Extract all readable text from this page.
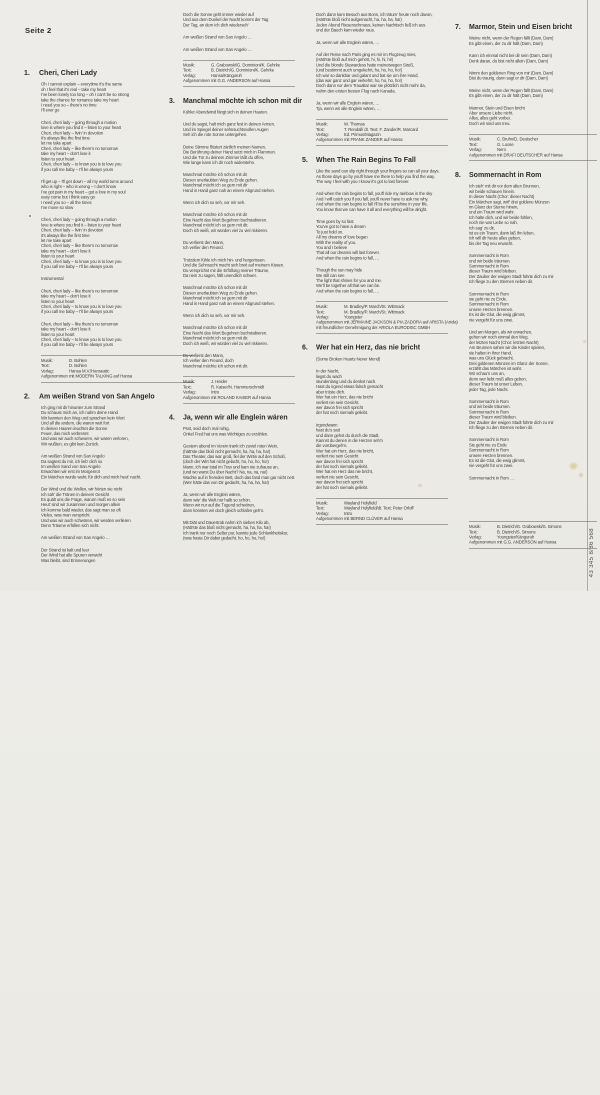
Seite 2
1. Cheri, Cheri Lady
Oh I cannot explain – everytime it's the same
oh I feel that it's real – take my heart
I've been lonely too long – oh I can't be so strong
take the chance for romance take my heart
I need you so – there's no time
I'll ever go
Cheri, cheri lady – going through a motion
love is where you find it – listen to your heart
Cheri, cheri lady – livin' in devotion
It's always like the first time
let me take apart
Cheri, cheri lady – like there's no tomorrow
take my heart – don't lose it
listen to your heart
Cheri, cheri lady – to know you is to love you
if you call me baby – I'll be always yours
I'll get up – I'll get down – all my world turns around
who is right – who is wrong – I don't know
I've got pain in my heart – got a love in my soul
easy come but I think easy go
I need you so – all the times
I've move so slow
Cheri, cheri lady – going through a motion
love is where you find it – listen to your heart
Cheri, cheri lady – livin' in devotion
it's always like the first time
let me take apart
Cheri, cheri lady – like there's no tomorrow
take my heart – don't lose it
listen to your heart
Cheri, cheri lady – to know you is to love you
if you call me baby – I'll be always yours
Instrumental
Cheri, cheri lady – like there's no tomorrow
take my heart – don't lose it
listen to your heart
Cheri, cheri lady – to know you is to love you
if you call me baby – I'll be always yours
Cheri, cheri lady – like there's no tomorrow
take my heart – don't lose it
listen to your heart
Cheri, cheri lady – to know you is to love you
if you call me baby – I'll be always yours
Musik:	D. Bohlen
Text:	D. Bohlen
Verlag:	Hansa M.V./Hanseatic
Aufgenommen mit MODERN TALKING auf Hansa
2. Am weißen Strand von San Angelo
Ich ging mit dir hinunter zum Strand
Du schaust mich an, ich nahm deine Hand
Wir kannten den Weg und sprachen kein Wort
Und all die andern, die waren weit fort
In deinen Haaren leuchtet die Sonne
Feuer, das mich verbrennt
Und was wir auch schworen, wir waren verloren,
Wir wußten, es gibt kein Zurück.
Am weißen Strand von San Angelo
Da sagtest du mir, ich lieb' dich so
Im weißen Sand von San Angelo
Erwachten wir erst im Morgenrot
Ein Märchen wurde wahr, für dich und mich heut' nacht.
Der Wind und die Wellen, wir hörten sie nicht
Ich sah' die Tränen in deinem Gesicht
Es quält uns die Frage, warum muß es so sein
Heut' sind wir zusammen und morgen allein
Ich komme bald wieder, das sagt man so oft
Vieles, was man verspricht
Und was wir auch schwören, wir werden verlieren
Denn Träume erfüllen sich nicht.
Am weißen Strand von San Angelo …
Der Strand ist kalt und leer
Der Wind hat alle Spuren verweht
Was bleibt, sind Erinnerungen
Doch die Sonne geht immer wieder auf
Und aus dem Dunkel der Nacht kommt der Tag
Der Tag, an dem ich dich wiederseh'
Am weißen Strand von San Angelo …
Am weißen Strand von San Angelo …
Musik:	G. Grabowski/G. Dominioni/K. Gehrke
Text:	B. Dietrich/G. Dominioni/K. Gehrke
Verlag:	Hansa/Känguruh
Aufgenommen mit G.G. ANDERSON auf Hansa
3. Manchmal möchte ich schon mit dir
Kühler Abendwind fängt sich in deinen Haaren.
Und du sagst, halt mich ganz fest in deinen Armen.
Und im Spiegel deiner sehnsuchtsvollen Augen
Seh ich die rote Sonne untergehen.
Deine Stimme flüstert zärtlich meinen Namen,
Die Berührung deiner Hand setzt mich in Flammen.
Und die Tür zu deinem Zimmer läßt du offen,
Wie lange kann ich dir noch widerstehn.
Manchmal möchte ich schon mit dir
Diesen unerlaubten Weg zu Ende gehen.
Manchmal möcht ich so gern mit dir
Hand in Hand ganz nah an einem Abgrund stehen.
Wenn ich dich so seh, vor mir seh.
Manchmal möchte ich schon mit dir
Eine Nacht das Wort Begehren buchstabieren.
Manchmal möcht ich so gern mit dir.
Doch ich weiß, wir würden viel zu viel riskieren.
Du verlierst den Mann,
Ich verlier den Freund.
Trotzdem fühle ich mich hin- und hergerissen.
Und die Sehnsucht macht sich breit auf meinem Kissen.
Du versprichst mir die Erfüllung meiner Träume,
Da nein zu sagen, fällt unendlich schwer.
Manchmal möchte ich schon mit dir
Diesen unerlaubten Weg zu Ende gehen.
Manchmal möcht ich so gern mit dir
Hand in Hand ganz nah an einem Abgrund stehen.
Wenn ich dich so seh, vor mir seh.
Manchmal möchte ich schon mit dir
Eine Nacht das Wort Begehren buchstabieren.
Manchmal möcht ich so gern mit dir.
Doch ich weiß, wir würden viel zu viel riskieren.
Du verlierst den Mann,
Ich verlier den Freund, doch
Manchmal möchte ich schon mit dir.
Musik:	J. Heider
Text:	R. Kaiser/N. Hammerschmidt
Verlag:	Intro
Aufgenommen mit ROLAND KAISER auf Hansa
4. Ja, wenn wir alle Englein wären
Psst, seid doch mal ruhig.
Onkel Fred hat uns was Wichtiges zu erzählen.
Gestern abend im Verein trank ich zuviel roten Wein,
(hätt'ste das bloß nicht gemacht, ha, ha, ha, ha!)
Das Theater, das war groß, fiel der Wirtin auf den Schoß,
(doch der Wirt hat nicht gelacht, ho, ho, ho, ho!)
Mann, ich war total im Tran und kam nie zuhause an,
(und wo warst Du über Nacht? Na, na, na, na!)
Wachte auf in fremden Bett, doch das fand man gar nicht nett.
(Wer hätte das von Dir gedacht, ha, ha, ha, ha!)
Ja, wenn wir alle Englein wären,
dann wär' die Welt nur halb so schön.
Wenn wir nur auf die Tugend schwören,
dann könnten wir doch gleich schlafen geh'n.
Mit Diät und Dauertrab nahm ich sieben Kilo ab,
(Hätt'ste das bloß nicht gemacht, ha, ha, ha, ha!)
Ich trank nur noch Selter pur, kannte jede Schlankheitskur,
(was haste Dir dabei gedacht, ho, ho, ho, ho!)
Doch dann kam Besuch aus Bonn, ich träum' heute noch davon,
(Hätt'ste bloß nicht aufgemacht, ha, ha, ha, ha!)
Jeden Abend Riesenschmaus, keinen Nachtisch ließ ich aus
und der Bauch kam wieder raus.
Ja, wenn wir alle Englein wären, …
Auf der Reise nach Paris ging es mir im Flugzeug mies,
(Hätt'ste bloß auf mich gehört, hi, hi, hi, hi!)
Und die blonde Stewardess hatte meinetwegen Streß,
(und bestimmt auch umgekehrt, ho, ho, ho, ho!)
Ich war so dankbar und galant und bat sie um ihre Hand,
(das war ganz und gar verkehrt, ho, ho, ho, ho!)
Doch dann vor dem Traualtar war sie plötzlich nicht mehr da,
nahm den ersten besten Flug nach Kanada.
Ja, wenn wir alle Englein wären, …
Tja, wenn wir alle Englein wären, …
Musik:	W. Thomas
Text:	T. Rendall/ dt. Text: F. Zander/R. Marcard
Verlag:	Ed. Primus/Magazin
Aufgenommen mit FRANK ZANDER auf Hansa
5. When The Rain Begins To Fall
Like the sand can slip right through your fingers so can all your days.
As those days go by you'll have me there to help you find the way.
The way I feel with you I know it's got to last forever.
And when the rain begins to fall, you'll ride my rainbow in the sky
And I will catch you if you fall, you'll never have to ask me why.
And when the rain begins to fall I'll be the sunshine in your life.
You know that we can have it all and everything will be alright.
Time goes by so fast
You've got to have a dream
To just hold on.
All my dreams of love began
With the reality of you.
You and I believe
That all our dreams will last forever.
And when the rain begins to fall, …
Though the sun may hide
We still can see
The light that shines for you and me.
We'll be together all that we can be.
And when the rain begins to fall, …
Musik:	M. Bradley/P. March/St. Wittmack
Text:	M. Bradley/P. March/St. Wittmack
Verlag:	Youngster
Aufgenommen mit JERMAINE JACKSON & PIA ZADORA auf ARISTA (Ariola)
mit freundlicher Genehmigung der ARIOLA EURODISC GMBH
6. Wer hat ein Herz, das nie bricht
(Some Broken Hearts Never Mend)
In der Nacht,
liegst du wach
stundenlang und du denkst nach.
Hast du irgend etwas falsch gemacht
aber tröste dich.
Wer hat ein Herz, das nie bricht
verliert nie sein Gesicht.
wer davon frei sich spricht
der hat noch niemals geliebt.
Irgendwann
hast du's satt
und dann gehst du durch die Stadt.
Kannst du denen in die Herzen seh'n
die vorübergeh'n.
Wer hat ein Herz, das nie bricht,
verliert nie sein Gesicht
wer davon frei sich spricht
der hat noch niemals geliebt.
Wer hat ein Herz das nie bricht,
verliert nie sein Gesicht,
wer davon frei sich spricht
der hat noch niemals geliebt.
Musik:	Wayland Holyfield
Text:	Wayland Holyfield/dt. Text: Peter Orloff
Verlag:	Intro
Aufgenommen mit BERND CLÜVER auf Hansa
7. Marmor, Stein und Eisen bricht
Weine nicht, wenn der Regen fällt (Dam, Dam)
Es gibt einen, der zu dir hält (Dam, Dam)
Kann ich einmal nicht bei dir sein (Dam, Dam)
Denk daran, du bist nicht allein (Dam, Dam)
Nimm den goldenen Ring von mir (Dam, Dam)
Bist du traurig, dann sagt er dir (Dam, Dam)
Weine nicht, wenn der Regen fällt (Dam, Dam)
Es gibt einen, der zu dir hält (Dam, Dam)
Marmor, Stein und Eisen bricht
Aber unsere Liebe nicht.
Alles, alles geht vorbei.
Doch wir sind uns treu.
Musik:	C. Bruhn/D. Deutscher
Text:	G. Loose
Verlag:	Nero
Aufgenommen mit DRAFI DEUTSCHER auf Hansa
8. Sommernacht in Rom
Ich steh' mit dir vor dem alten Brunnen,
wir beide schauen hinein.
In dieser Nacht (Chor: dieser Nacht)
Ein Märchen sagt, wirf' drei goldene Münzen
im Glanz der Sterne hinein,
und ein Traum wird wahr.
Ich halte dich, und wir beide fühlen,
noch nie war Liebe so nah.
Ich sag' zu dir,
ist es ein Traum, dann laß ihn leben,
ich will dir heute alles geben,
bis der Tag neu erwacht.
Sommernacht in Rom
und wir beide träumen.
Sommernacht in Rom
dieser Traum wird bleiben.
Der Zauber der ewigen Stadt führte dich zu mir
Ich fliege zu den Sternen neben dir.
Sommernacht in Rom
sie geht nie zu Ende.
Sommernacht in Rom
unsere Herzen brennen.
Es ist die Glut, die ewig glimmt,
nie vergeht für uns zwei.
Und am Morgen, als wir erwachen,
gehen wir noch einmal den Weg,
der letzten Nacht (Chor: letzten Nacht)
Am Brunnen sahen wir die Kinder spielen,
sie halten in ihrer Hand,
was uns Glück gebracht.
Drei goldenen Münzen im Glanz der Sonne,
erzählt das Märchen ist wahr.
Wir schau'n uns an,
denn wer liebt muß alles geben,
dieser Traum ist unser Leben,
jeder Tag, jede Nacht.
Sommernacht in Rom
und wir beide träumen.
Sommernacht in Rom
dieser Traum wird bleiben.
Der Zauber der ewigen Stadt führte dich zu mir
Ich fliege zu den Sternen neben dir.
Sommernacht in Rom
Sie geht nie zu Ende
Sommernacht in Rom
unsere Herzen brennen.
Es ist die Glut, die ewig glimmt,
nie vergeht für uns zwei.
Sommernacht in Rom …
Musik:	B. Dietrich/G. Grabowski/S. Simons
Text:	B. Dietrich/S. Simons
Verlag:	Youngster/Känguruh
Aufgenommen mit G.G. ANDERSON auf Hansa	43 345 8/86 568
